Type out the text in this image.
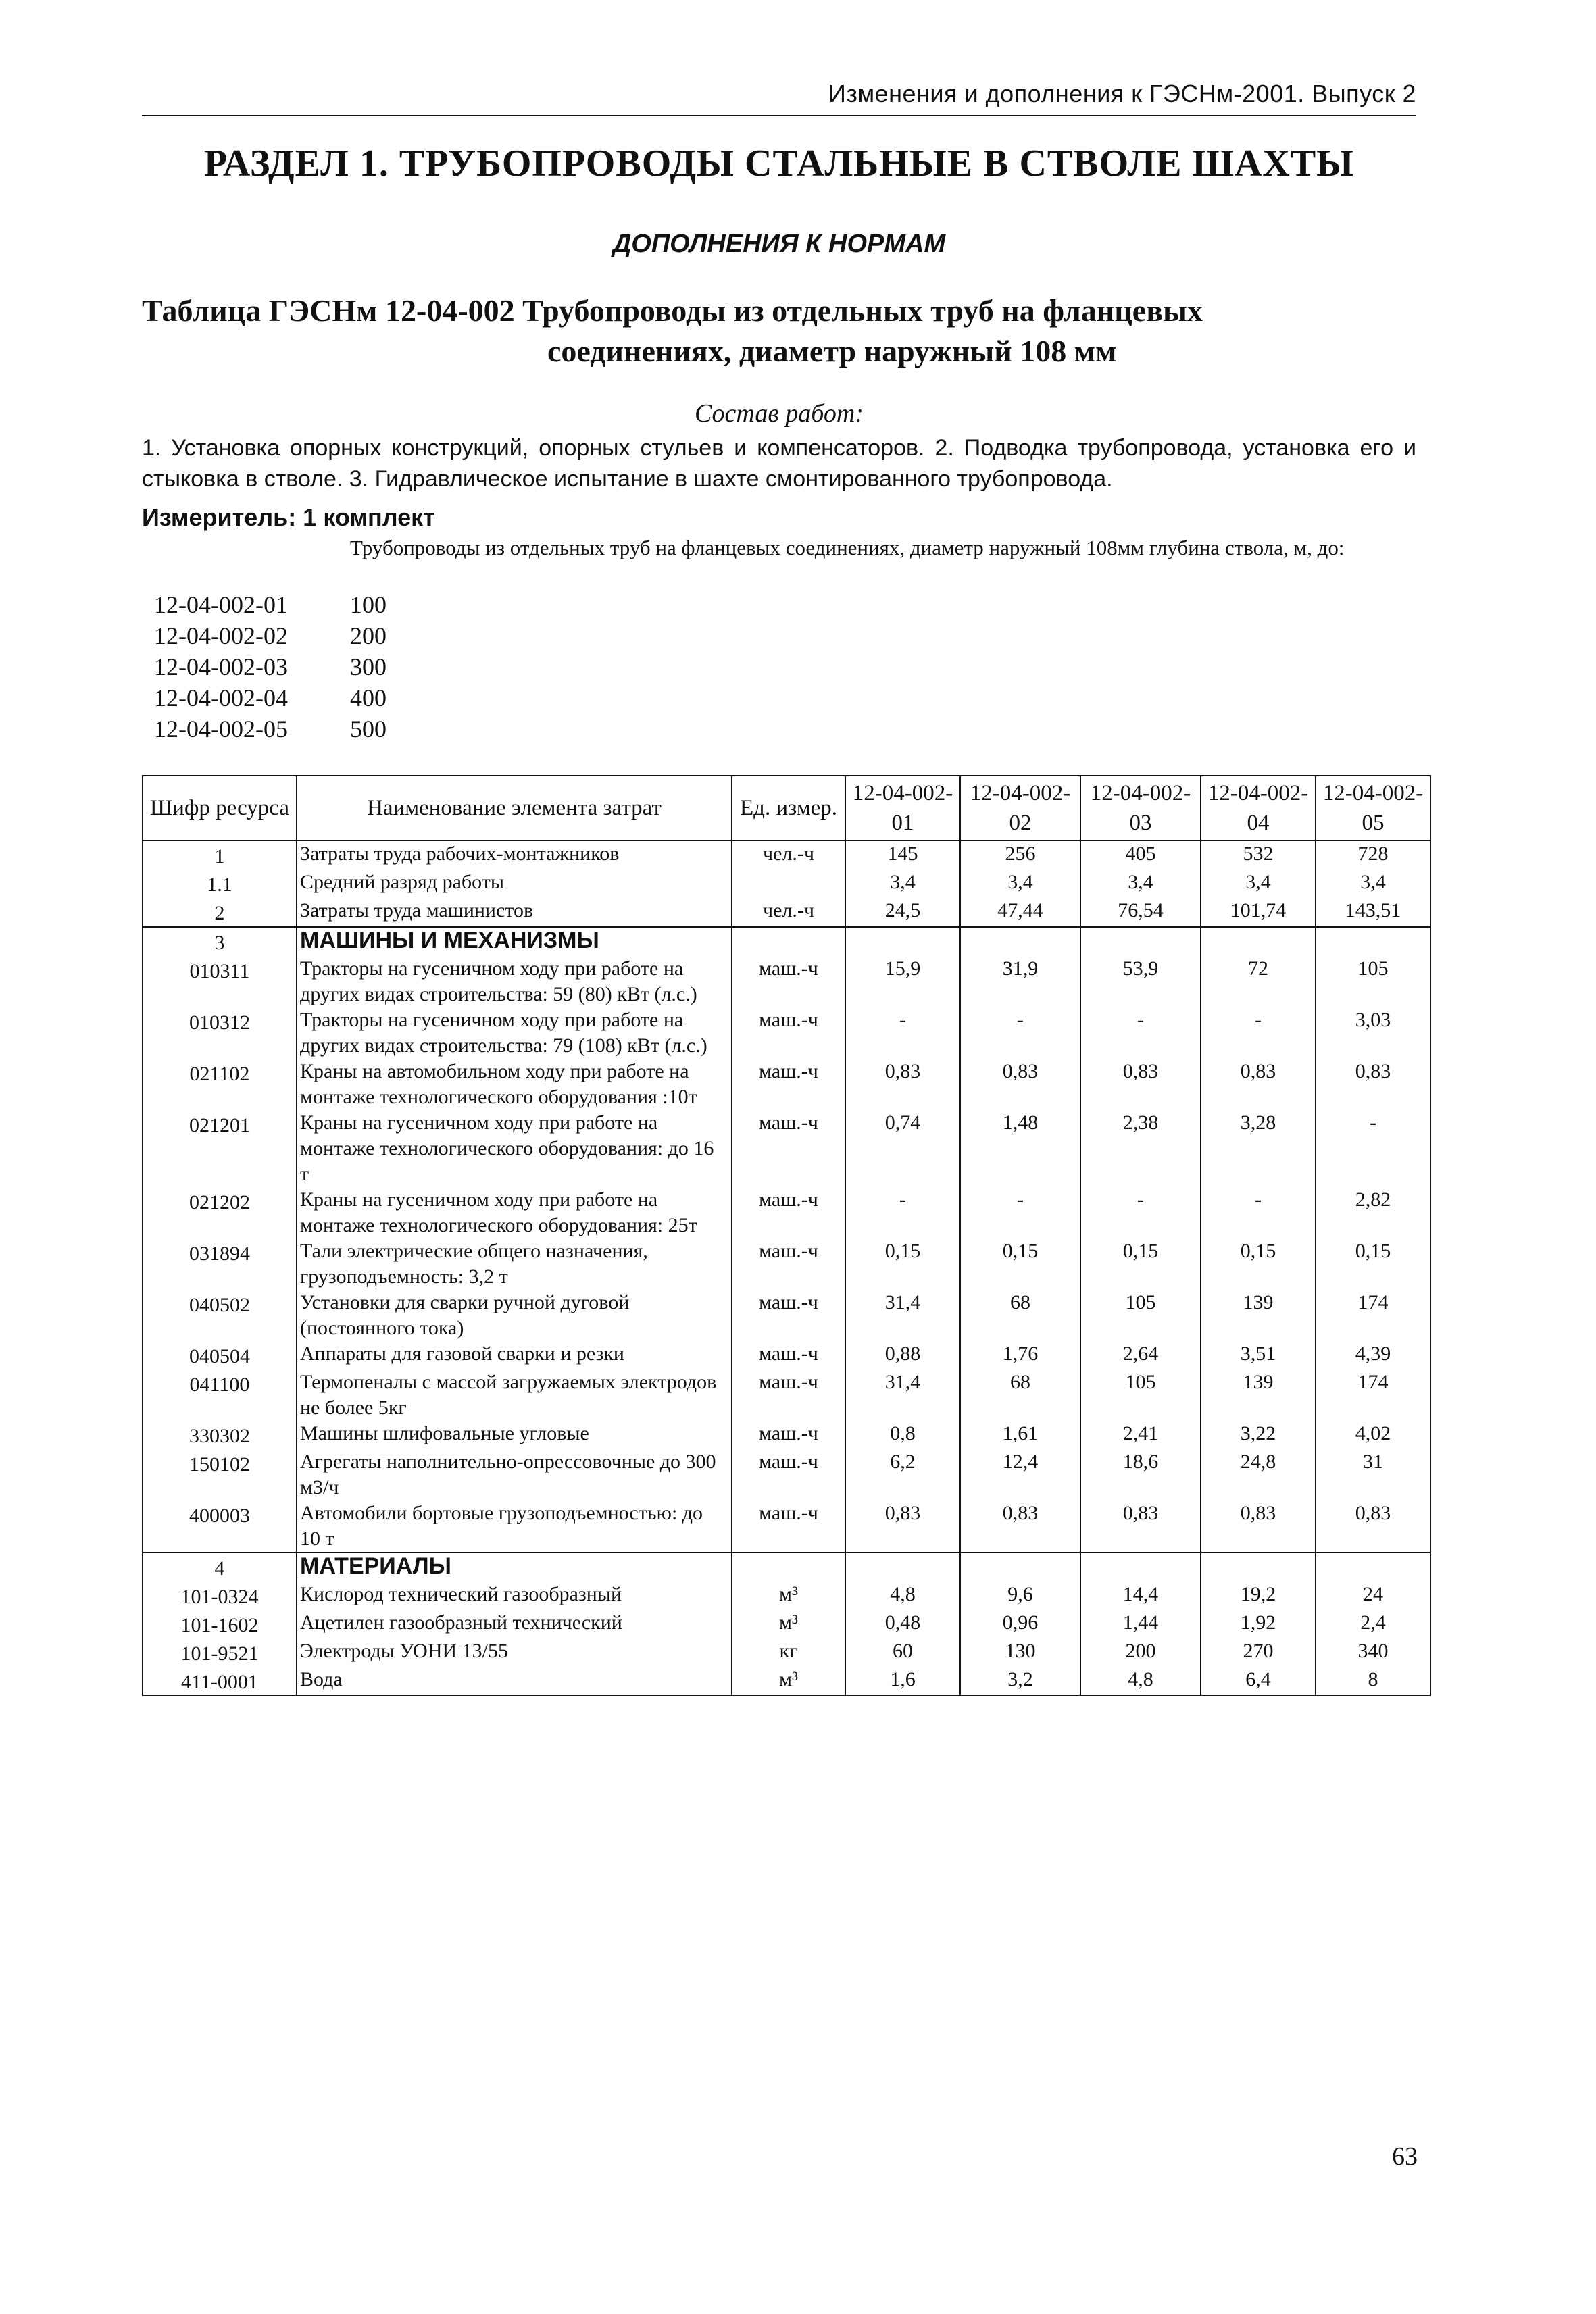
Изменения и дополнения к ГЭСНм-2001. Выпуск 2
РАЗДЕЛ 1. ТРУБОПРОВОДЫ СТАЛЬНЫЕ В СТВОЛЕ ШАХТЫ
ДОПОЛНЕНИЯ К НОРМАМ
Таблица ГЭСНм 12-04-002 Трубопроводы из отдельных труб на фланцевых
соединениях, диаметр наружный 108 мм
Состав работ:
1. Установка опорных конструкций, опорных стульев и компенсаторов. 2. Подводка трубопровода, установка его и стыковка в стволе. 3. Гидравлическое испытание в шахте смонтированного трубопровода.
Измеритель: 1 комплект
Трубопроводы из отдельных труб на фланцевых соединениях, диаметр наружный 108мм глубина ствола, м, до:
12-04-002-01	100
12-04-002-02	200
12-04-002-03	300
12-04-002-04	400
12-04-002-05	500
Шифр ресурса	Наименование элемента затрат	Ед. измер.	12-04-002-01	12-04-002-02	12-04-002-03	12-04-002-04	12-04-002-05
1	Затраты труда рабочих-монтажников	чел.-ч	145	256	405	532	728
1.1	Средний разряд работы		3,4	3,4	3,4	3,4	3,4
2	Затраты труда машинистов	чел.-ч	24,5	47,44	76,54	101,74	143,51
3	МАШИНЫ И МЕХАНИЗМЫ						
010311	Тракторы на гусеничном ходу при работе на других видах строительства: 59 (80) кВт (л.с.)	маш.-ч	15,9	31,9	53,9	72	105
010312	Тракторы на гусеничном ходу при работе на других видах строительства: 79 (108) кВт (л.с.)	маш.-ч	-	-	-	-	3,03
021102	Краны на автомобильном ходу при работе на монтаже технологического оборудования :10т	маш.-ч	0,83	0,83	0,83	0,83	0,83
021201	Краны на гусеничном ходу при работе на монтаже технологического оборудования: до 16 т	маш.-ч	0,74	1,48	2,38	3,28	-
021202	Краны на гусеничном ходу при работе на монтаже технологического оборудования: 25т	маш.-ч	-	-	-	-	2,82
031894	Тали электрические общего назначения, грузоподъемность: 3,2 т	маш.-ч	0,15	0,15	0,15	0,15	0,15
040502	Установки для сварки ручной дуговой (постоянного тока)	маш.-ч	31,4	68	105	139	174
040504	Аппараты для газовой сварки и резки	маш.-ч	0,88	1,76	2,64	3,51	4,39
041100	Термопеналы с массой загружаемых электродов не более 5кг	маш.-ч	31,4	68	105	139	174
330302	Машины шлифовальные угловые	маш.-ч	0,8	1,61	2,41	3,22	4,02
150102	Агрегаты наполнительно-опрессовочные до 300 м3/ч	маш.-ч	6,2	12,4	18,6	24,8	31
400003	Автомобили бортовые грузоподъемностью: до 10 т	маш.-ч	0,83	0,83	0,83	0,83	0,83
4	МАТЕРИАЛЫ						
101-0324	Кислород технический газообразный	м³	4,8	9,6	14,4	19,2	24
101-1602	Ацетилен газообразный технический	м³	0,48	0,96	1,44	1,92	2,4
101-9521	Электроды УОНИ 13/55	кг	60	130	200	270	340
411-0001	Вода	м³	1,6	3,2	4,8	6,4	8
63
